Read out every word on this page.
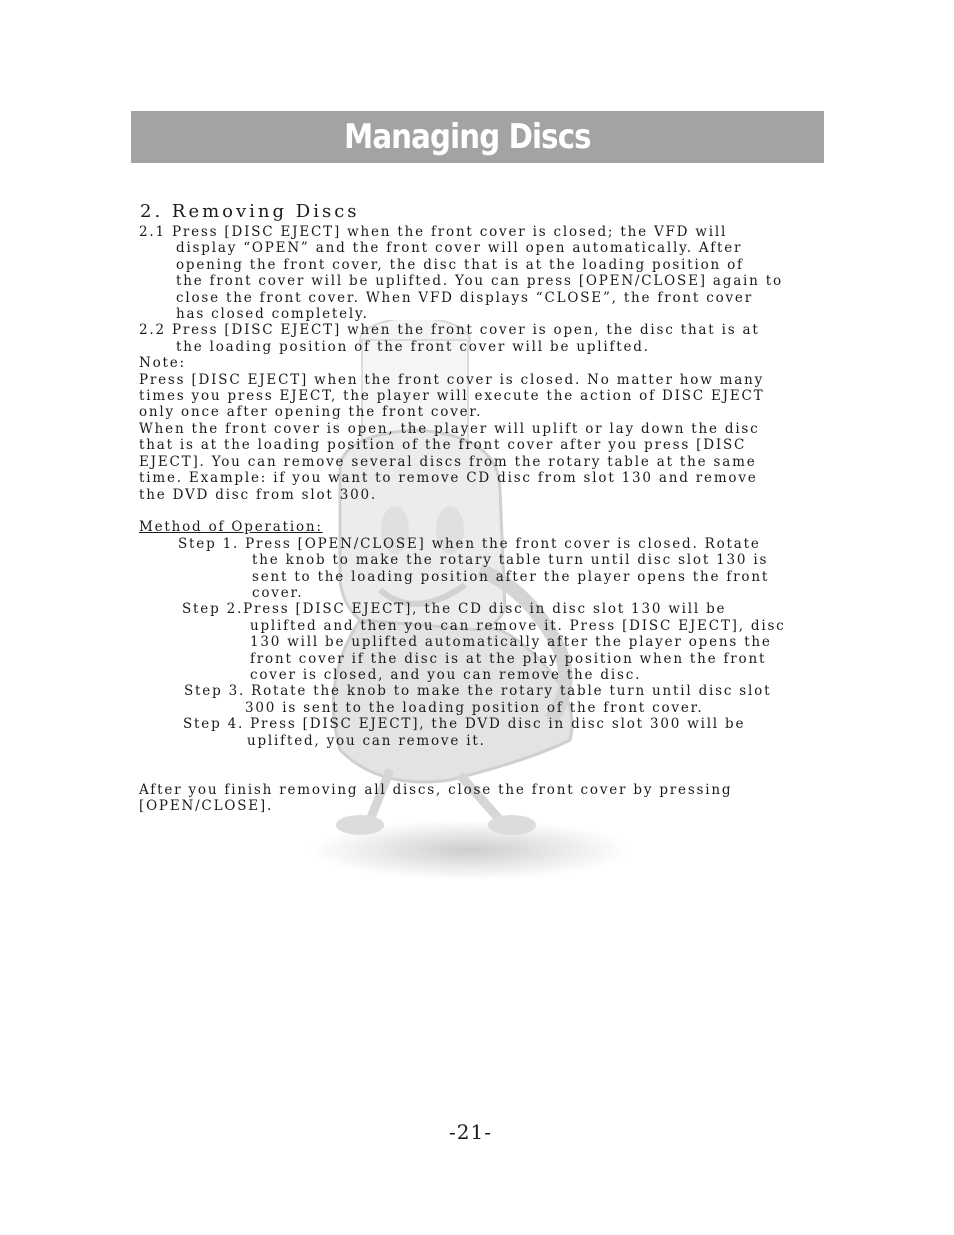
Managing Discs
2. Removing Discs
2.1 Press [DISC EJECT] when the front cover is closed; the VFD will
display “OPEN” and the front cover will open automatically. After
opening the front cover, the disc that is at the loading position of
the front cover will be uplifted. You can press [OPEN/CLOSE] again to
close the front cover. When VFD displays “CLOSE”, the front cover
has closed completely.
2.2 Press [DISC EJECT] when the front cover is open, the disc that is at
the loading position of the front cover will be uplifted.
Note:
Press [DISC EJECT] when the front cover is closed. No matter how many
times you press EJECT, the player will execute the action of DISC EJECT
only once after opening the front cover.
When the front cover is open, the player will uplift or lay down the disc
that is at the loading position of the front cover after you press [DISC
EJECT]. You can remove several discs from the rotary table at the same
time. Example: if you want to remove CD disc from slot 130 and remove
the DVD disc from slot 300.
Method of Operation:
Step 1. Press [OPEN/CLOSE] when the front cover is closed. Rotate
the knob to make the rotary table turn until disc slot 130 is
sent to the loading position after the player opens the front
cover.
Step 2.Press [DISC EJECT], the CD disc in disc slot 130 will be
uplifted and then you can remove it. Press [DISC EJECT], disc
130 will be uplifted automatically after the player opens the
front cover if the disc is at the play position when the front
cover is closed, and you can remove the disc.
Step 3. Rotate the knob to make the rotary table turn until disc slot
300 is sent to the loading position of the front cover.
Step 4. Press [DISC EJECT], the DVD disc in disc slot 300 will be
uplifted, you can remove it.
After you finish removing all discs, close the front cover by pressing
[OPEN/CLOSE].
-21-
